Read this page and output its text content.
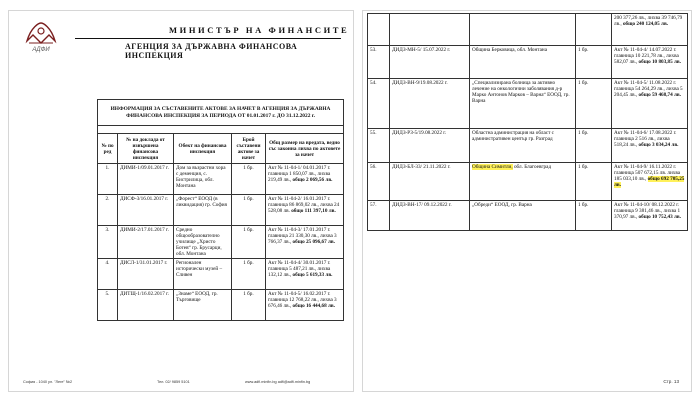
АДФИ
МИНИСТЪР НА ФИНАНСИТЕ
АГЕНЦИЯ ЗА ДЪРЖАВНА ФИНАНСОВА ИНСПЕКЦИЯ
ИНФОРМАЦИЯ ЗА СЪСТАВЕНИТЕ АКТОВЕ ЗА НАЧЕТ В АГЕНЦИЯ ЗА ДЪРЖАВНА ФИНАНСОВА ИНСПЕКЦИЯ ЗА ПЕРИОДА ОТ 01.01.2017 г. ДО 31.12.2022 г.				

№ по ред	№ на доклада от извършена финансова инспекция	Обект на финансова инспекция	Брой съставени актове за начет	Общ размер на вредата, ведно със законна лихва по актовете за начет
1.	ДИМИ-1/09.01.2017 г.	Дом за възрастни хора с деменция, с. Бистрилица, обл. Монтана	1 бр.	Акт № 11-04-1/ 04.01.2017 г. главница 1 850,07 лв., лихва 219,49 лв., общо 2 069,56 лв.
2.	ДИСФ-3/16.01.2017 г.	„Форест“ ЕООД (в ликвидация) гр. София	1 бр.	Акт № 11-04-2/ 16.01.2017 г. главница 86 869,02 лв., лихва 24 528,08 лв. общо 111 397,10 лв.
3.	ДИМИ-2/17.01.2017 г.	Средно общообразователно училище „Христо Ботев“ гр. Брусарци, обл. Монтана	1 бр.	Акт № 11-04-3/ 17.01.2017 г. главница 21 330,30 лв., лихва 3 766,37 лв., общо 25 096,67 лв.
4.	ДИСЛ-1/31.01.2017 г.	Регионален исторически музей – Сливен	1 бр.	Акт № 11-04-4/ 30.01.2017 г. главница 5 487,21 лв., лихва 132,12 лв., общо 5 619,33 лв.
5.	ДИТЩ-1/16.02.2017 г.	„Знаме“ ЕООД, гр. Търговище	1 бр.	Акт № 11-04-5/ 16.02.2017 г. главница 12 768,22 лв., лихва 3 676,46 лв., общо 16 444,68 лв.
София - 1040 ул. "Леге" №2	Тел. 02/ 9859 5101	www.adfi.minfin.bg adfi@adfi.minfin.bg
				200 377,26 лв., лихва 39 746,79 лв., общо 240 124,05 лв.
53.	ДИДЗ-МН-5/ 15.07.2022 г.	Община Берковица, обл. Монтана	1 бр.	Акт № 11-04-4/ 14.07.2022 г. главница 10 221,78 лв., лихва 582,07 лв., общо 10 803,85 лв.
54.	ДИДЗ-ВН-9/19.08.2022 г.	„Специализирана болница за активно лечение на онкологични заболявания д-р Марко Антонов Марков – Варна“ ЕООД, гр. Варна	1 бр.	Акт № 11-04-5/ 11.08.2022 г. главница 54 264,29 лв., лихва 5 204,45 лв., общо 59 468,74 лв.
55.	ДИДЗ-РЗ-5/19.08.2022 г.	Областна администрация на област с административен център гр. Разград	1 бр.	Акт № 11-04-6/ 17.08.2022 г. главница 2 516 лв., лихва 518,24 лв., общо 3 034,24 лв.
56.	ДИДЗ-БЛ-33/ 21.11.2022 г.	Община Симитли, обл. Благоевград	1 бр.	Акт № 11-04-9/ 16.11.2022 г. главница 507 672,15 лв. лихва 185 033,10 лв., общо 692 705,25 лв.
57.	ДИДЗ-ВН-17/ 09.12.2022 г.	„Обреди“ ЕООД, гр. Варна	1 бр.	Акт № 11-04-10/ 08.12.2022 г. главница 9 381,46 лв., лихва 1 370,97 лв., общо 10 752,43 лв.
Стр. 13
